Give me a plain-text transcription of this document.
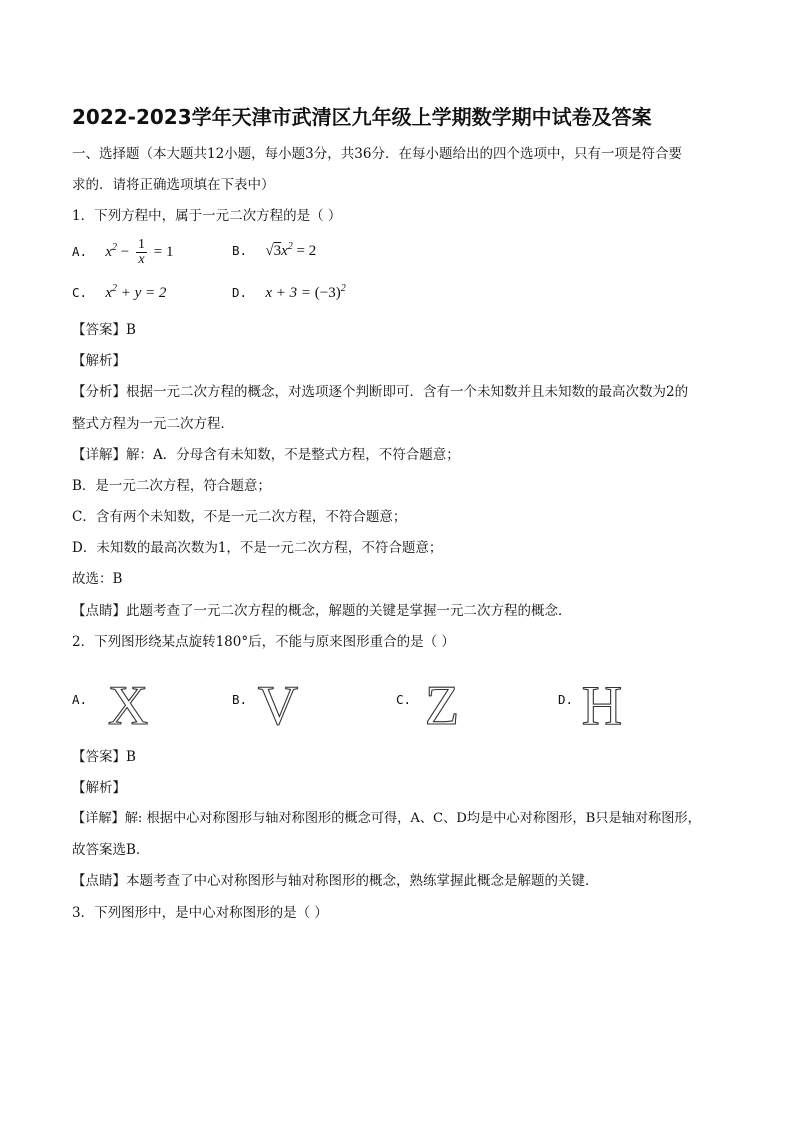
2022-2023学年天津市武清区九年级上学期数学期中试卷及答案
一、选择题（本大题共12小题，每小题3分，共36分．在每小题给出的四个选项中，只有一项是符合要
求的．请将正确选项填在下表中）
1．下列方程中，属于一元二次方程的是（ ）
A. $x^2 - \frac{1}{x} = 1$	B. $√3x^2 = 2$
C. $x^2 + y = 2$	D. $x + 3 = (-3)^2$
【答案】B
【解析】
【分析】根据一元二次方程的概念，对选项逐个判断即可．含有一个未知数并且未知数的最高次数为2的
整式方程为一元二次方程．
【详解】解：A．分母含有未知数，不是整式方程，不符合题意；
B．是一元二次方程，符合题意；
C．含有两个未知数，不是一元二次方程，不符合题意；
D．未知数的最高次数为1，不是一元二次方程，不符合题意；
故选：B
【点睛】此题考查了一元二次方程的概念，解题的关键是掌握一元二次方程的概念．
2．下列图形绕某点旋转180°后，不能与原来图形重合的是（ ）
A. X	B. V	C. Z	D. H
【答案】B
【解析】
【详解】解: 根据中心对称图形与轴对称图形的概念可得，A、C、D均是中心对称图形，B只是轴对称图形，
故答案选B．
【点睛】本题考查了中心对称图形与轴对称图形的概念，熟练掌握此概念是解题的关键．
3．下列图形中，是中心对称图形的是（ ）
